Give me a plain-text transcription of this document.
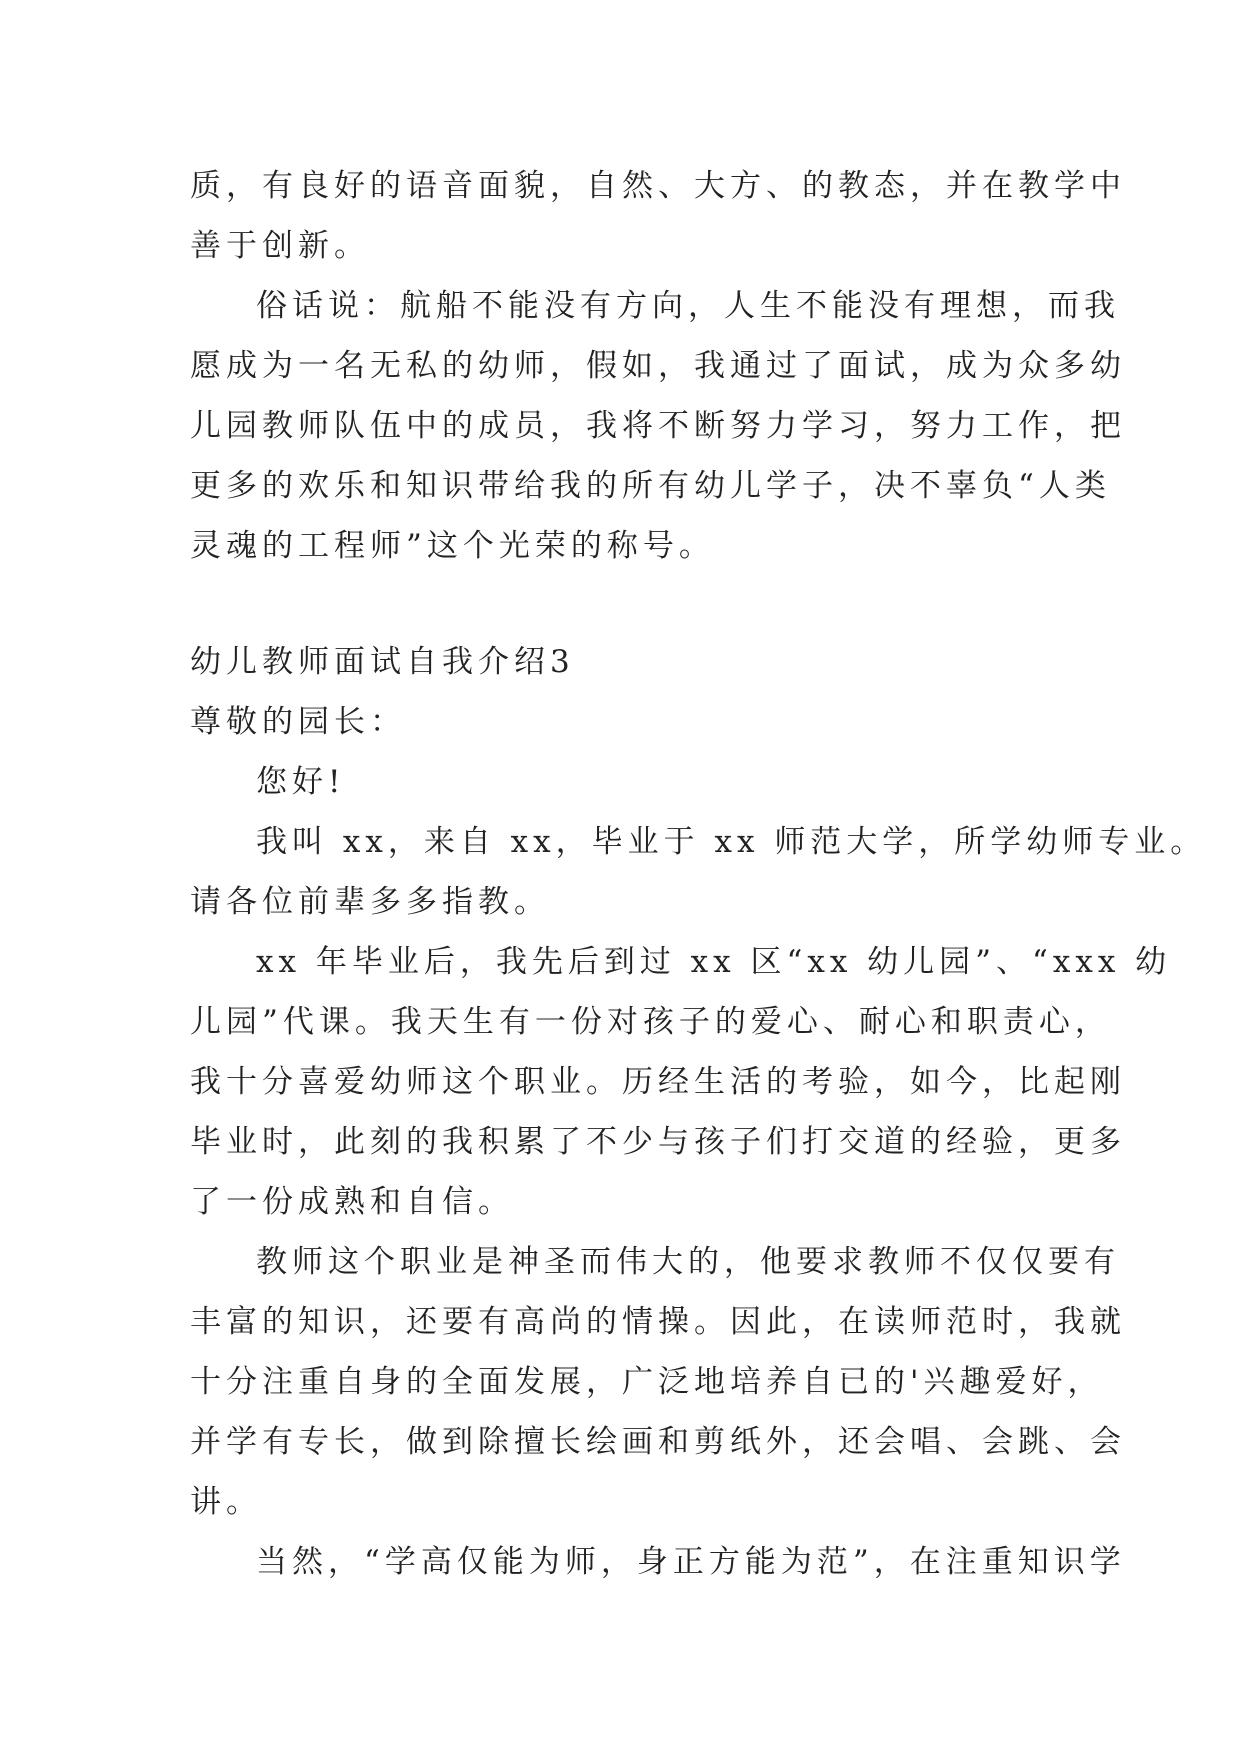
质，有良好的语音面貌，自然、大方、的教态，并在教学中
善于创新。
俗话说：航船不能没有方向，人生不能没有理想，而我
愿成为一名无私的幼师，假如，我通过了面试，成为众多幼
儿园教师队伍中的成员，我将不断努力学习，努力工作，把
更多的欢乐和知识带给我的所有幼儿学子，决不辜负“人类
灵魂的工程师”这个光荣的称号。
幼儿教师面试自我介绍3
尊敬的园长：
您好!
我叫 xx，来自 xx，毕业于 xx 师范大学，所学幼师专业。
请各位前辈多多指教。
xx 年毕业后，我先后到过 xx 区“xx 幼儿园”、“xxx 幼
儿园”代课。我天生有一份对孩子的爱心、耐心和职责心，
我十分喜爱幼师这个职业。历经生活的考验，如今，比起刚
毕业时，此刻的我积累了不少与孩子们打交道的经验，更多
了一份成熟和自信。
教师这个职业是神圣而伟大的，他要求教师不仅仅要有
丰富的知识，还要有高尚的情操。因此，在读师范时，我就
十分注重自身的全面发展，广泛地培养自已的'兴趣爱好，
并学有专长，做到除擅长绘画和剪纸外，还会唱、会跳、会
讲。
当然，“学高仅能为师，身正方能为范”，在注重知识学
